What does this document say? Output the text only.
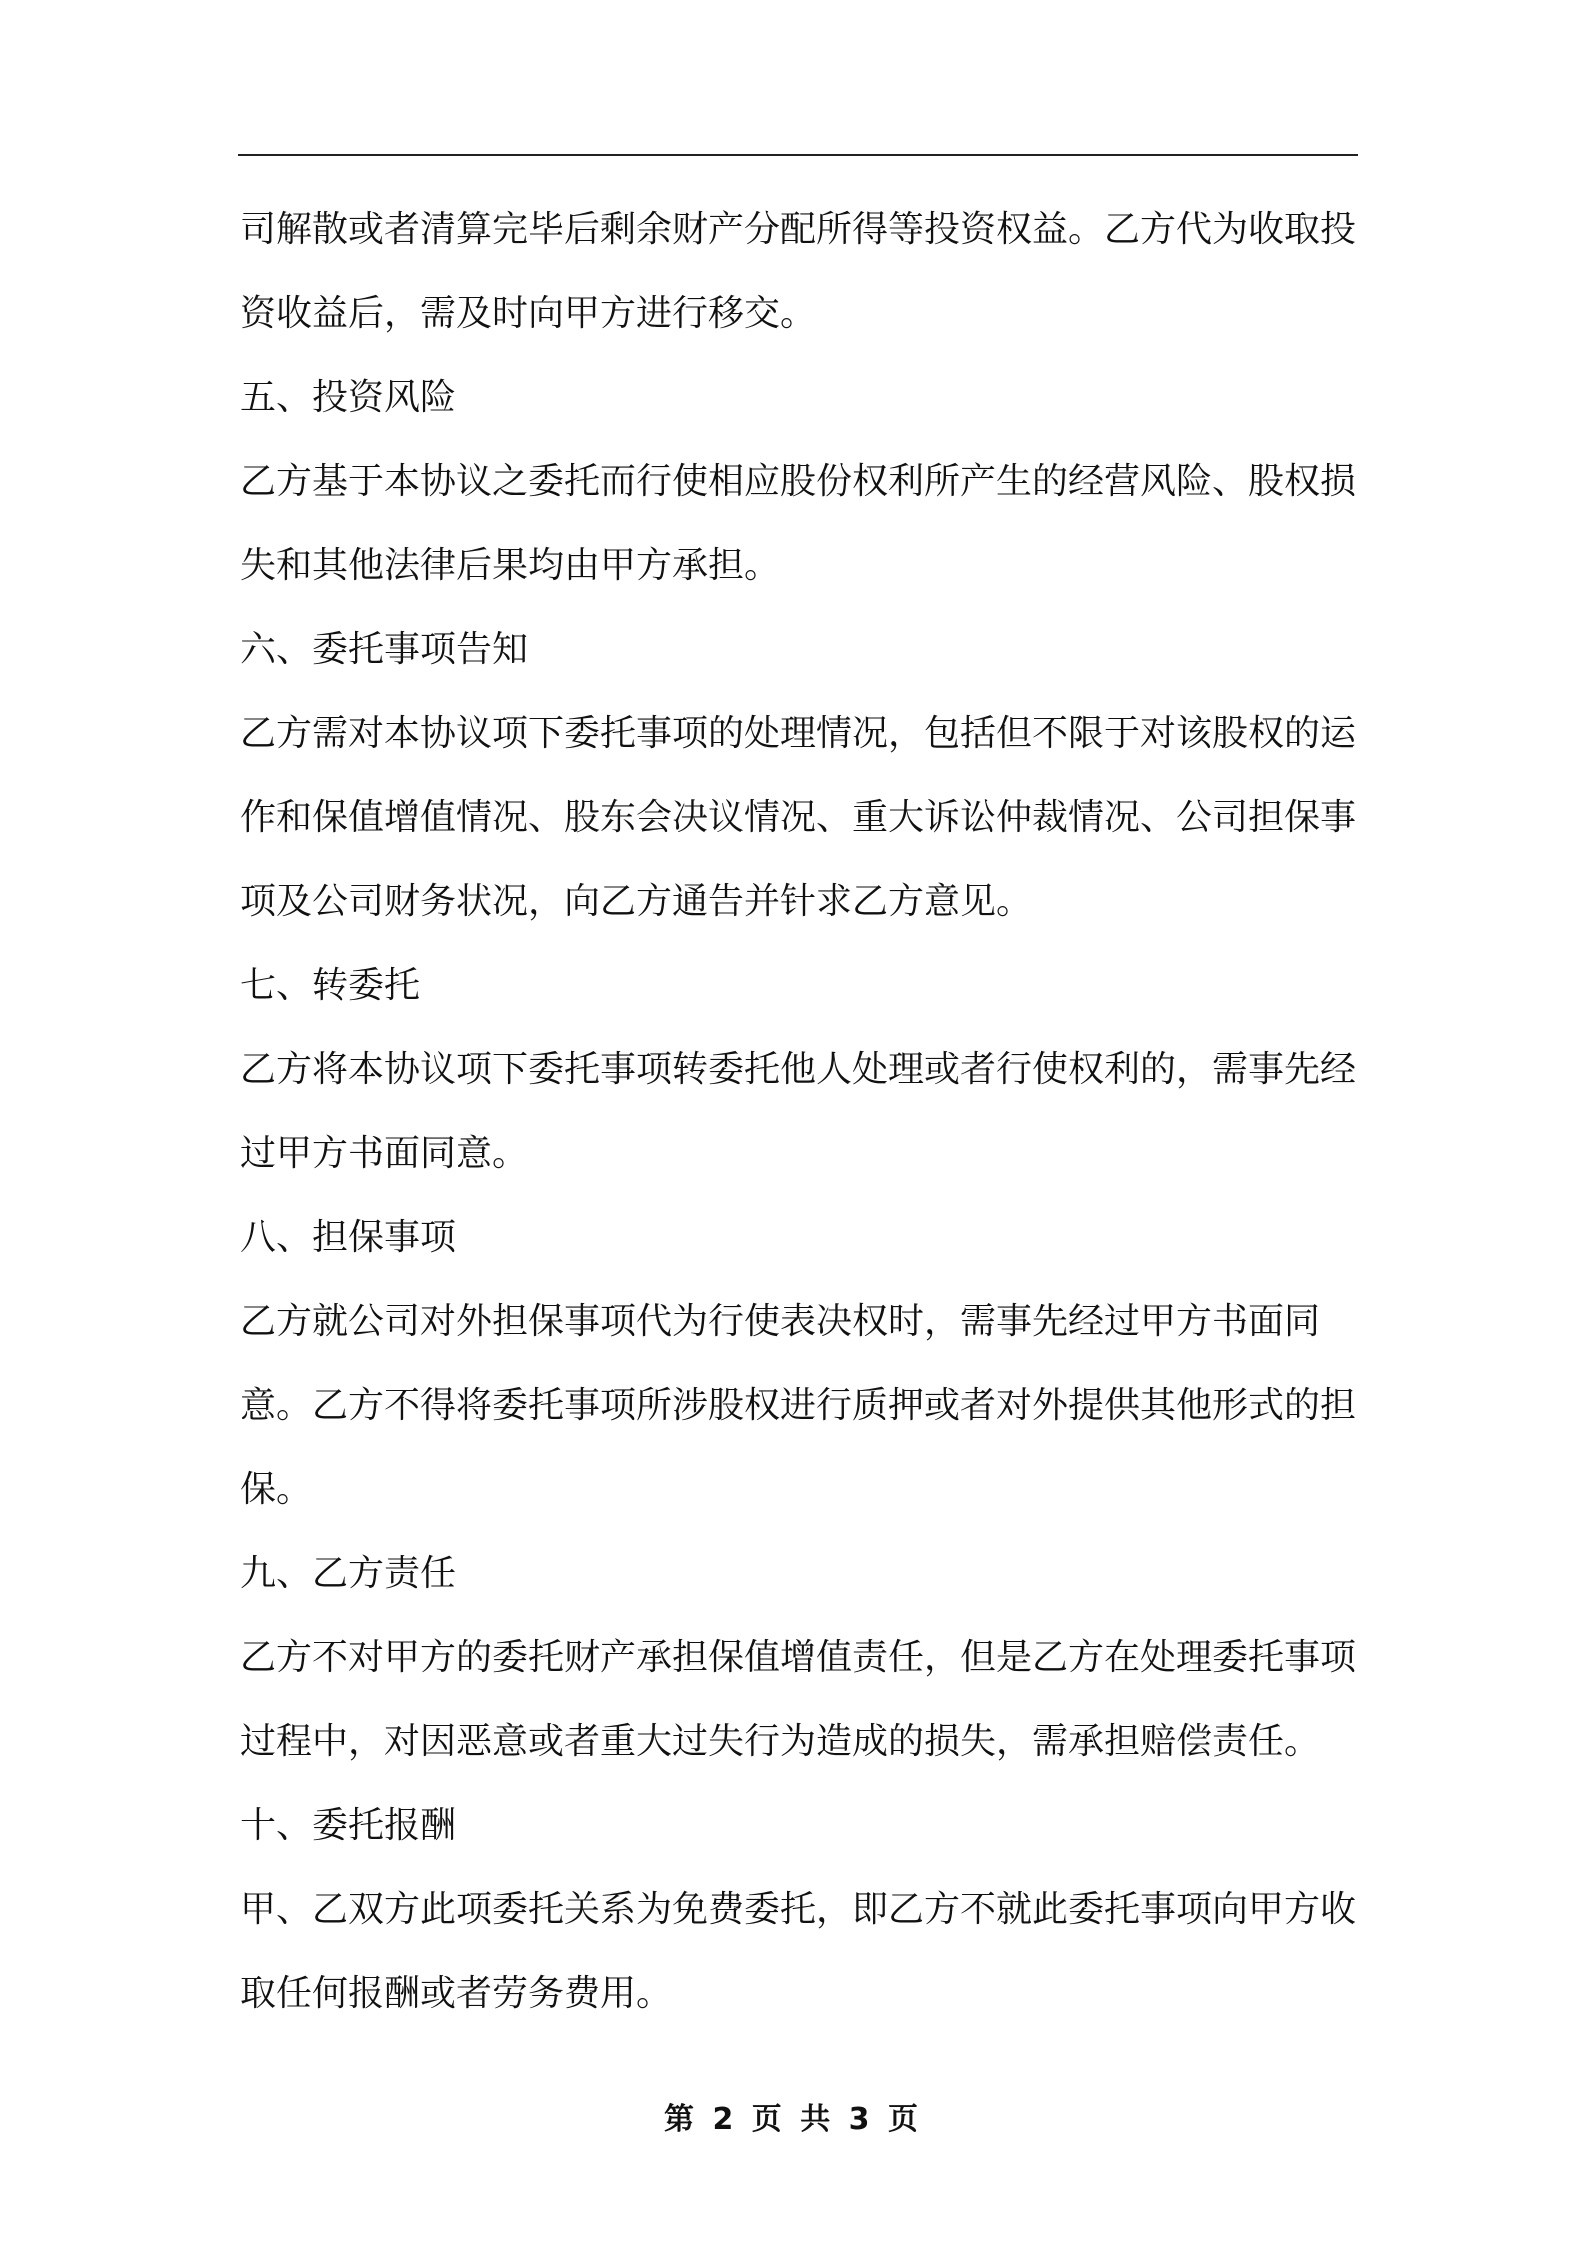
司解散或者清算完毕后剩余财产分配所得等投资权益。乙方代为收取投资收益后，需及时向甲方进行移交。

五、投资风险

乙方基于本协议之委托而行使相应股份权利所产生的经营风险、股权损失和其他法律后果均由甲方承担。

六、委托事项告知

乙方需对本协议项下委托事项的处理情况，包括但不限于对该股权的运作和保值增值情况、股东会决议情况、重大诉讼仲裁情况、公司担保事项及公司财务状况，向乙方通告并针求乙方意见。

七、转委托

乙方将本协议项下委托事项转委托他人处理或者行使权利的，需事先经过甲方书面同意。

八、担保事项

乙方就公司对外担保事项代为行使表决权时，需事先经过甲方书面同意。乙方不得将委托事项所涉股权进行质押或者对外提供其他形式的担保。

九、乙方责任

乙方不对甲方的委托财产承担保值增值责任，但是乙方在处理委托事项过程中，对因恶意或者重大过失行为造成的损失，需承担赔偿责任。

十、委托报酬

甲、乙双方此项委托关系为免费委托，即乙方不就此委托事项向甲方收取任何报酬或者劳务费用。

第 2 页 共 3 页
